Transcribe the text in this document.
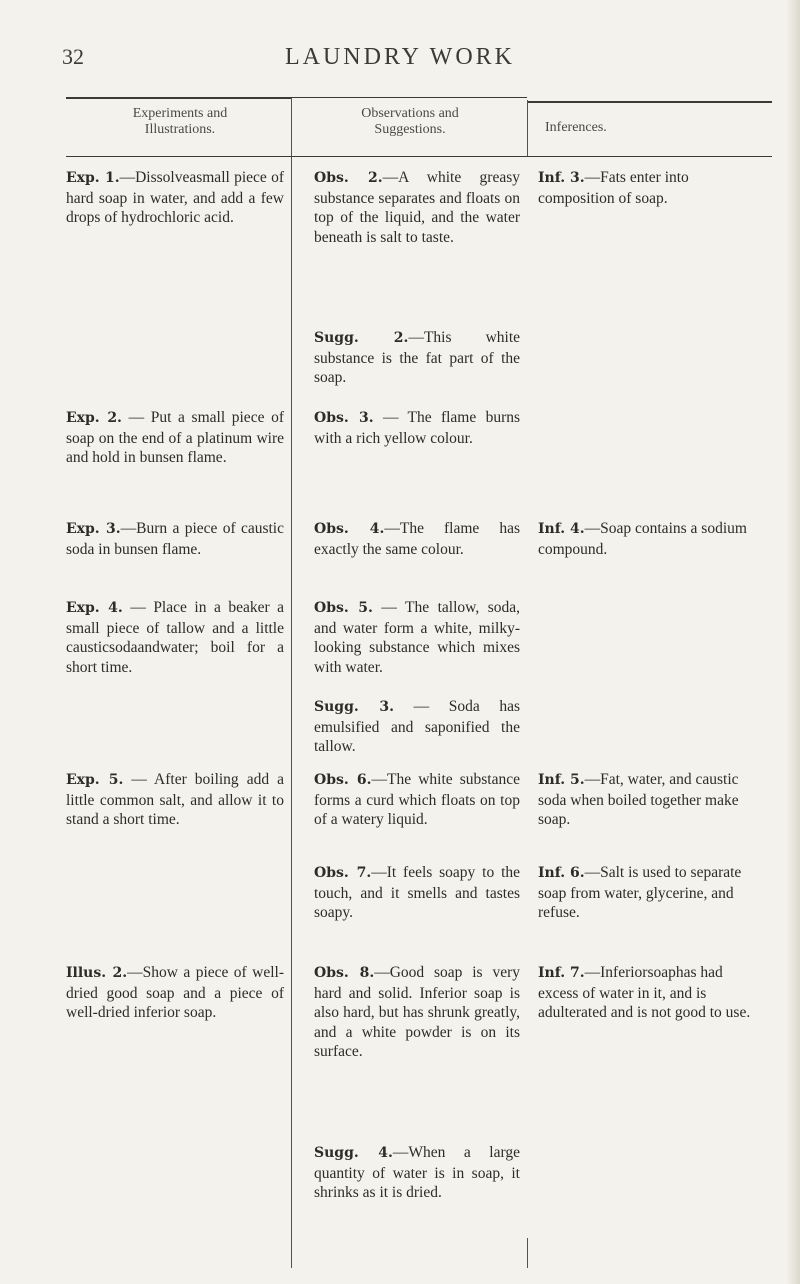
32	LAUNDRY WORK
Experiments and
Illustrations.
Observations and
Suggestions.	Inferences.
Exp. 1.—Dissolveasmall piece of hard soap in water, and add a few drops of hydrochloric acid.
Exp. 2. — Put a small piece of soap on the end of a platinum wire and hold in bunsen flame.
Exp. 3.—Burn a piece of caustic soda in bunsen flame.
Exp. 4. — Place in a beaker a small piece of tallow and a little causticsodaandwater; boil for a short time.
Exp. 5. — After boiling add a little common salt, and allow it to stand a short time.
Illus. 2.—Show a piece of well-dried good soap and a piece of well-dried inferior soap.
Obs. 2.—A white greasy substance separates and floats on top of the liquid, and the water beneath is salt to taste.
Sugg. 2.—This white substance is the fat part of the soap.
Obs. 3. — The flame burns with a rich yellow colour.
Obs. 4.—The flame has exactly the same colour.
Obs. 5. — The tallow, soda, and water form a white, milky-looking substance which mixes with water.
Sugg. 3. — Soda has emulsified and saponified the tallow.
Obs. 6.—The white substance forms a curd which floats on top of a watery liquid.
Obs. 7.—It feels soapy to the touch, and it smells and tastes soapy.
Obs. 8.—Good soap is very hard and solid. Inferior soap is also hard, but has shrunk greatly, and a white powder is on its surface.
Sugg. 4.—When a large quantity of water is in soap, it shrinks as it is dried.
Inf. 3.—Fats enter into composition of soap.
Inf. 4.—Soap contains a sodium compound.
Inf. 5.—Fat, water, and caustic soda when boiled together make soap.
Inf. 6.—Salt is used to separate soap from water, glycerine, and refuse.
Inf. 7.—Inferiorsoaphas had excess of water in it, and is adulterated and is not good to use.
